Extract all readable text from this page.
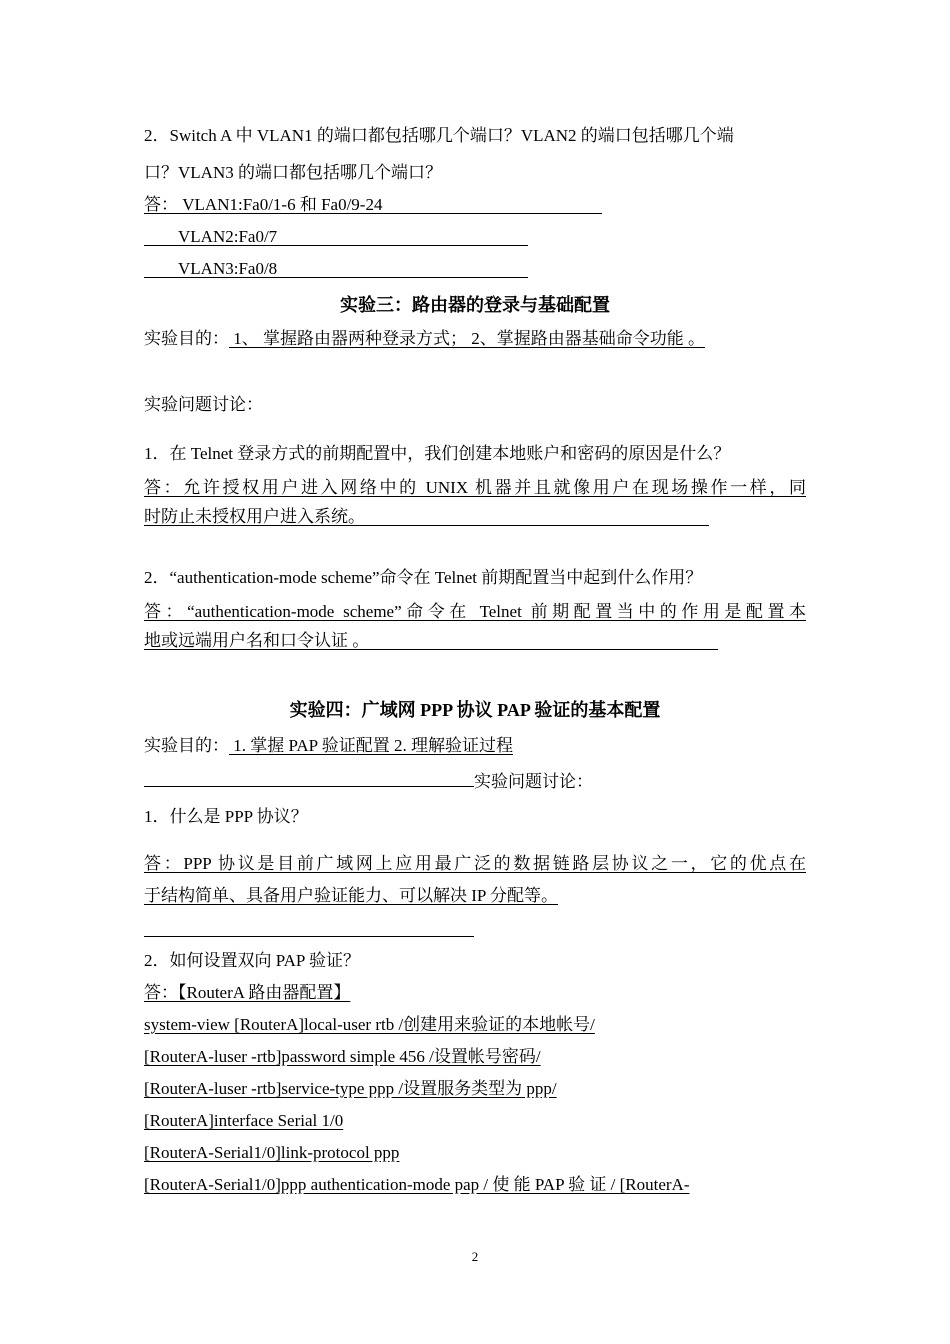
2．Switch A 中 VLAN1 的端口都包括哪几个端口？VLAN2 的端口包括哪几个端
口？VLAN3 的端口都包括哪几个端口？
答： VLAN1:Fa0/1-6 和 Fa0/9-24
VLAN2:Fa0/7
VLAN3:Fa0/8
实验三：路由器的登录与基础配置
实验目的： 1、 掌握路由器两种登录方式； 2、掌握路由器基础命令功能 。
实验问题讨论：
1．在 Telnet 登录方式的前期配置中，我们创建本地账户和密码的原因是什么？
答：允许授权用户进入网络中的 UNIX 机器并且就像用户在现场操作一样，同
时防止未授权用户进入系统。
2．“authentication-mode scheme”命令在 Telnet 前期配置当中起到什么作用？
答：“authentication-mode scheme”命令在 Telnet 前期配置当中的作用是配置本
地或远端用户名和口令认证 。
实验四：广域网 PPP 协议 PAP 验证的基本配置
实验目的： 1. 掌握 PAP 验证配置 2. 理解验证过程
实验问题讨论：
1．什么是 PPP 协议？
答：PPP 协议是目前广域网上应用最广泛的数据链路层协议之一，它的优点在
于结构简单、具备用户验证能力、可以解决 IP 分配等。
2．如何设置双向 PAP 验证？
答：【RouterA 路由器配置】
system-view [RouterA]local-user rtb /创建用来验证的本地帐号/
[RouterA-luser -rtb]password simple 456 /设置帐号密码/
[RouterA-luser -rtb]service-type ppp /设置服务类型为 ppp/
[RouterA]interface Serial 1/0
[RouterA-Serial1/0]link-protocol ppp
[RouterA-Serial1/0]ppp authentication-mode pap / 使 能 PAP 验 证 / [RouterA-
2
